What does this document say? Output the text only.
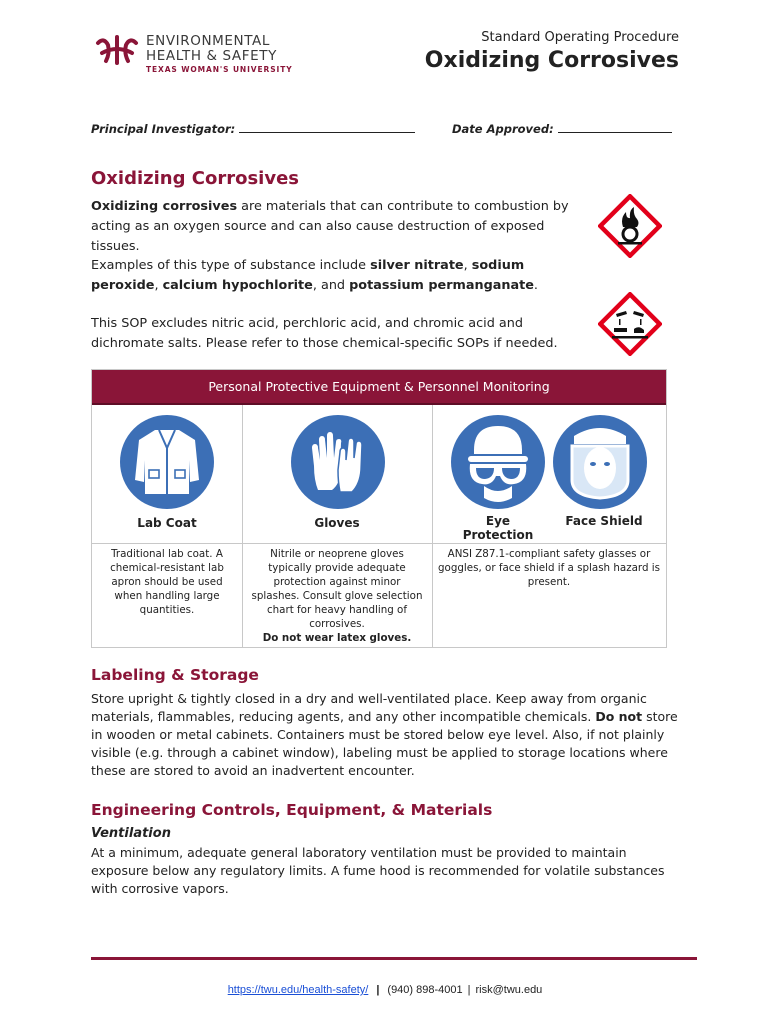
ENVIRONMENTAL
HEALTH & SAFETY
TEXAS WOMAN'S UNIVERSITY
Standard Operating Procedure
Oxidizing Corrosives
Principal Investigator:	Date Approved:
Oxidizing Corrosives
Oxidizing corrosives are materials that can contribute to combustion by acting as an oxygen source and can also cause destruction of exposed tissues.
Examples of this type of substance include silver nitrate, sodium peroxide, calcium hypochlorite, and potassium permanganate.
This SOP excludes nitric acid, perchloric acid, and chromic acid and dichromate salts. Please refer to those chemical-specific SOPs if needed.
Personal Protective Equipment & Personnel Monitoring
Lab Coat
Traditional lab coat. A chemical-resistant lab apron should be used when handling large quantities.
Gloves
Nitrile or neoprene gloves typically provide adequate protection against minor splashes. Consult glove selection chart for heavy handling of corrosives.
Do not wear latex gloves.
Eye Protection
Face Shield
ANSI Z87.1-compliant safety glasses or goggles, or face shield if a splash hazard is present.
Labeling & Storage
Store upright & tightly closed in a dry and well-ventilated place. Keep away from organic materials, flammables, reducing agents, and any other incompatible chemicals. Do not store in wooden or metal cabinets. Containers must be stored below eye level. Also, if not plainly visible (e.g. through a cabinet window), labeling must be applied to storage locations where these are stored to avoid an inadvertent encounter.
Engineering Controls, Equipment, & Materials
Ventilation
At a minimum, adequate general laboratory ventilation must be provided to maintain exposure below any regulatory limits. A fume hood is recommended for volatile substances with corrosive vapors.
https://twu.edu/health-safety/ | (940) 898-4001 | risk@twu.edu
